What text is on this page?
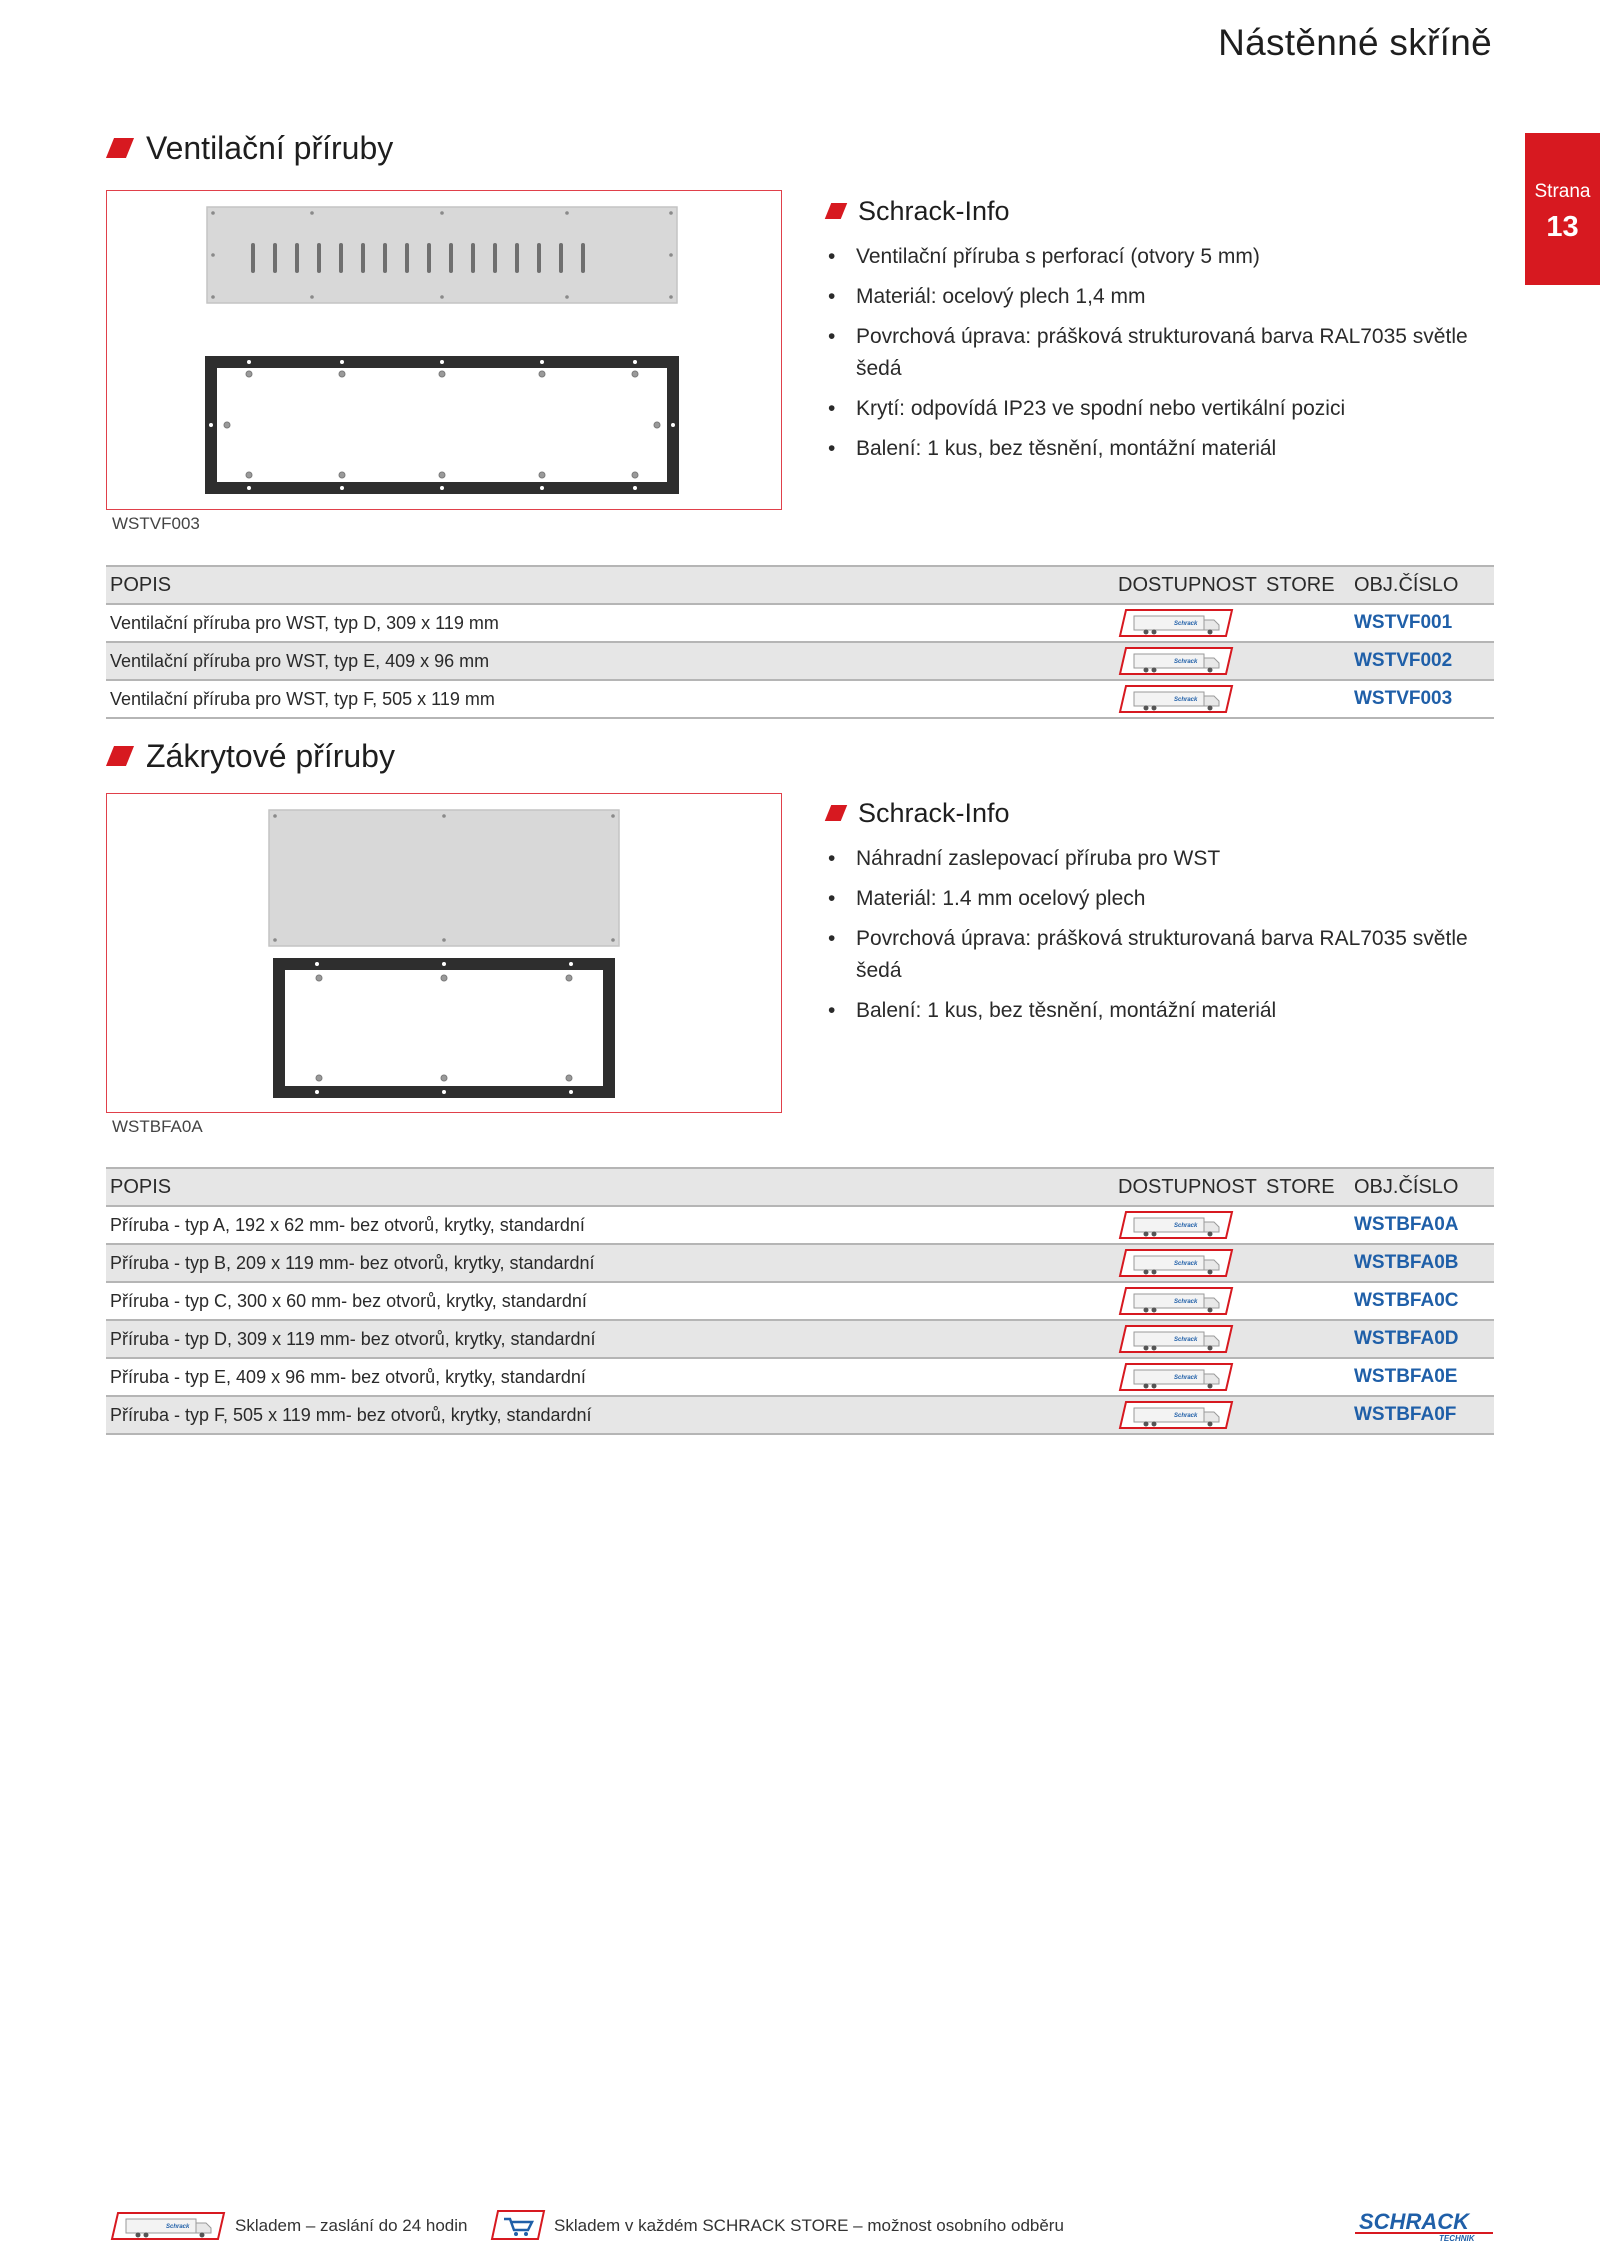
Nástěnné skříně
Strana
13
Ventilační příruby
WSTVF003
Schrack-Info
• Ventilační příruba s perforací (otvory 5 mm)
• Materiál: ocelový plech 1,4 mm
• Povrchová úprava: prášková strukturovaná barva RAL7035 světle šedá
• Krytí: odpovídá IP23 ve spodní nebo vertikální pozici
• Balení: 1 kus, bez těsnění, montážní materiál
POPIS	DOSTUPNOST	STORE	OBJ.ČÍSLO
Ventilační příruba pro WST, typ D, 309 x 119 mm			WSTVF001
Ventilační příruba pro WST, typ E, 409 x 96 mm			WSTVF002
Ventilační příruba pro WST, typ F, 505 x 119 mm			WSTVF003
Zákrytové příruby
WSTBFA0A
Schrack-Info
• Náhradní zaslepovací příruba pro WST
• Materiál: 1.4 mm ocelový plech
• Povrchová úprava: prášková strukturovaná barva RAL7035 světle šedá
• Balení: 1 kus, bez těsnění, montážní materiál
POPIS	DOSTUPNOST	STORE	OBJ.ČÍSLO
Příruba - typ A, 192 x 62 mm- bez otvorů, krytky, standardní			WSTBFA0A
Příruba - typ B, 209 x 119 mm- bez otvorů, krytky, standardní			WSTBFA0B
Příruba - typ C, 300 x 60 mm- bez otvorů, krytky, standardní			WSTBFA0C
Příruba - typ D, 309 x 119 mm- bez otvorů, krytky, standardní			WSTBFA0D
Příruba - typ E, 409 x 96 mm- bez otvorů, krytky, standardní			WSTBFA0E
Příruba - typ F, 505 x 119 mm- bez otvorů, krytky, standardní			WSTBFA0F
Skladem – zaslání do 24 hodin	Skladem v každém SCHRACK STORE – možnost osobního odběru	SCHRACK
TECHNIK
